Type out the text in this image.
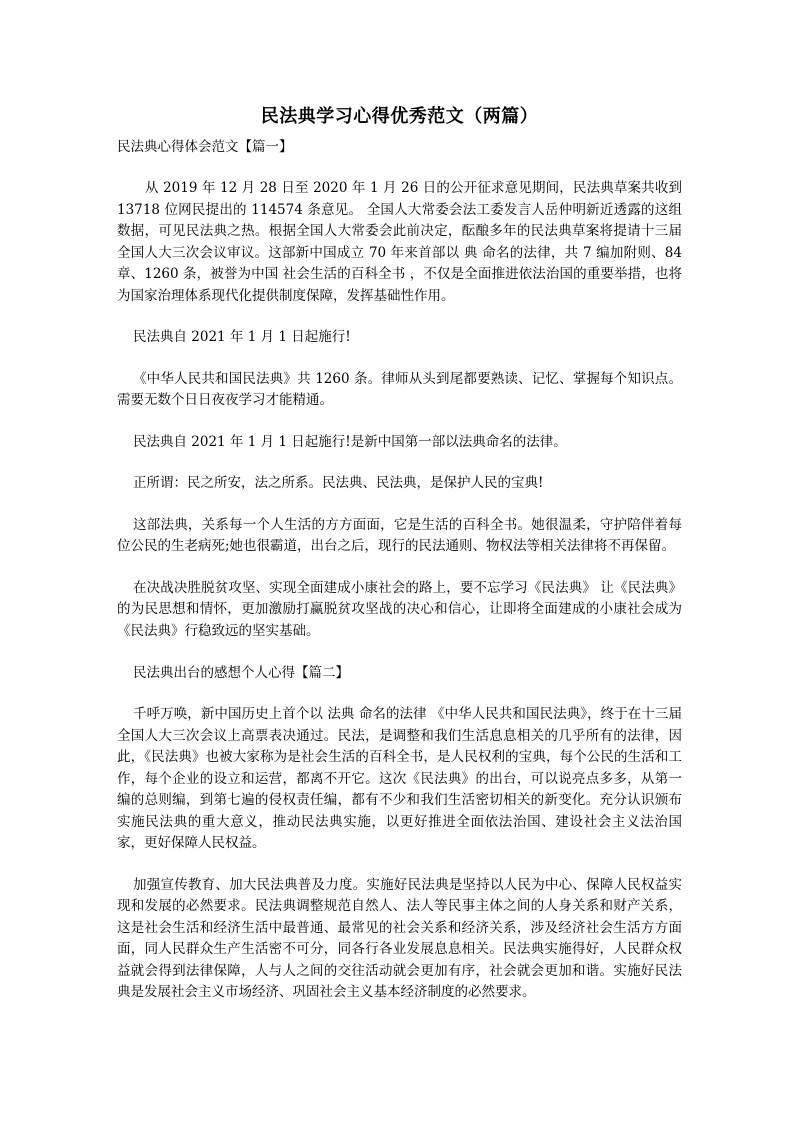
民法典学习心得优秀范文（两篇）
民法典心得体会范文【篇一】

从 2019 年 12 月 28 日至 2020 年 1 月 26 日的公开征求意见期间，民法典草案共收到 13718 位网民提出的 114574 条意见。 全国人大常委会法工委发言人岳仲明新近透露的这组数据，可见民法典之热。根据全国人大常委会此前决定，酝酿多年的民法典草案将提请十三届全国人大三次会议审议。这部新中国成立 70 年来首部以 典 命名的法律，共 7 编加附则、84 章、1260 条，被誉为中国 社会生活的百科全书 ，不仅是全面推进依法治国的重要举措，也将为国家治理体系现代化提供制度保障，发挥基础性作用。

民法典自 2021 年 1 月 1 日起施行!

《中华人民共和国民法典》共 1260 条。律师从头到尾都要熟读、记忆、掌握每个知识点。需要无数个日日夜夜学习才能精通。

民法典自 2021 年 1 月 1 日起施行!是新中国第一部以法典命名的法律。

正所谓：民之所安，法之所系。民法典、民法典，是保护人民的宝典!

这部法典，关系每一个人生活的方方面面，它是生活的百科全书。她很温柔，守护陪伴着每位公民的生老病死;她也很霸道，出台之后，现行的民法通则、物权法等相关法律将不再保留。

在决战决胜脱贫攻坚、实现全面建成小康社会的路上，要不忘学习《民法典》 让《民法典》的为民思想和情怀，更加激励打赢脱贫攻坚战的决心和信心，让即将全面建成的小康社会成为《民法典》行稳致远的坚实基础。

民法典出台的感想个人心得【篇二】

千呼万唤，新中国历史上首个以 法典 命名的法律 《中华人民共和国民法典》，终于在十三届全国人大三次会议上高票表决通过。民法，是调整和我们生活息息相关的几乎所有的法律，因此，《民法典》也被大家称为是社会生活的百科全书，是人民权利的宝典，每个公民的生活和工作，每个企业的设立和运营，都离不开它。这次《民法典》的出台，可以说亮点多多，从第一编的总则编，到第七遍的侵权责任编，都有不少和我们生活密切相关的新变化。充分认识颁布实施民法典的重大意义，推动民法典实施，以更好推进全面依法治国、建设社会主义法治国家，更好保障人民权益。

加强宣传教育、加大民法典普及力度。实施好民法典是坚持以人民为中心、保障人民权益实现和发展的必然要求。民法典调整规范自然人、法人等民事主体之间的人身关系和财产关系，这是社会生活和经济生活中最普通、最常见的社会关系和经济关系，涉及经济社会生活方方面面，同人民群众生产生活密不可分，同各行各业发展息息相关。民法典实施得好，人民群众权益就会得到法律保障，人与人之间的交往活动就会更加有序，社会就会更加和谐。实施好民法典是发展社会主义市场经济、巩固社会主义基本经济制度的必然要求。
